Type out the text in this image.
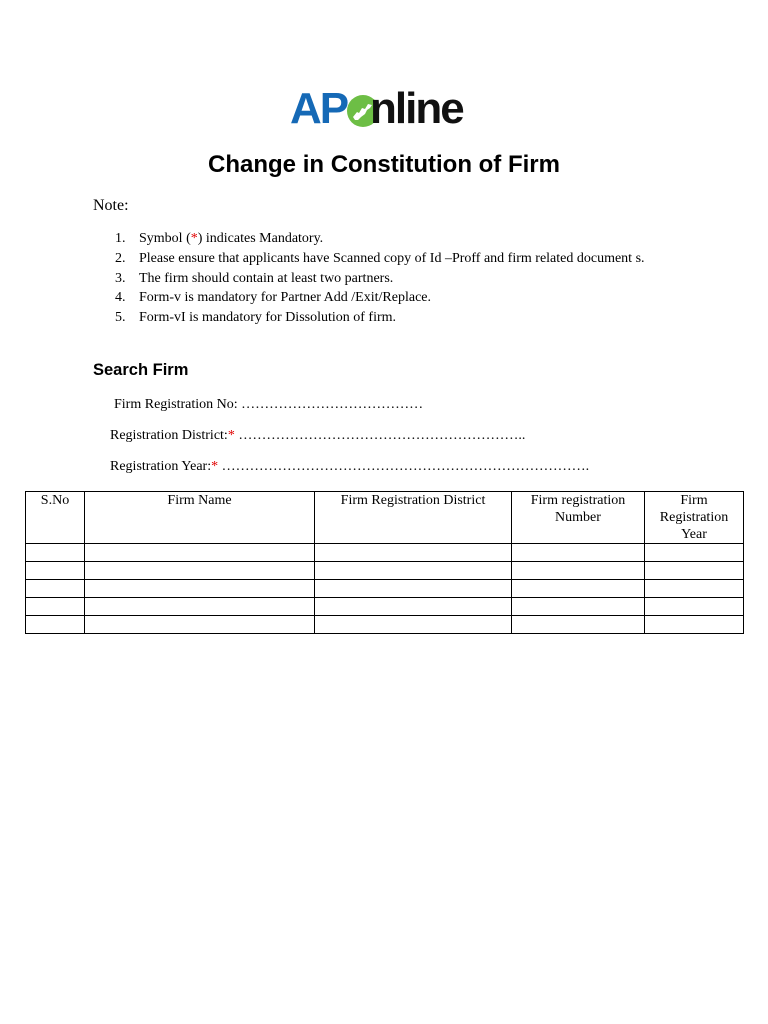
AP nline
Change in Constitution of Firm
Note:
1. Symbol (*) indicates Mandatory.
2. Please ensure that applicants have Scanned copy of Id –Proff and firm related document s.
3. The firm should contain at least two partners.
4. Form-v is mandatory for Partner Add /Exit/Replace.
5. Form-vI is mandatory for Dissolution of firm.
Search Firm
Firm Registration No: …………………………………
Registration District:* ……………………………………………………..
Registration Year:* …………………………………………………………………….
S.No	Firm Name	Firm Registration District	Firm registration Number	Firm Registration Year
